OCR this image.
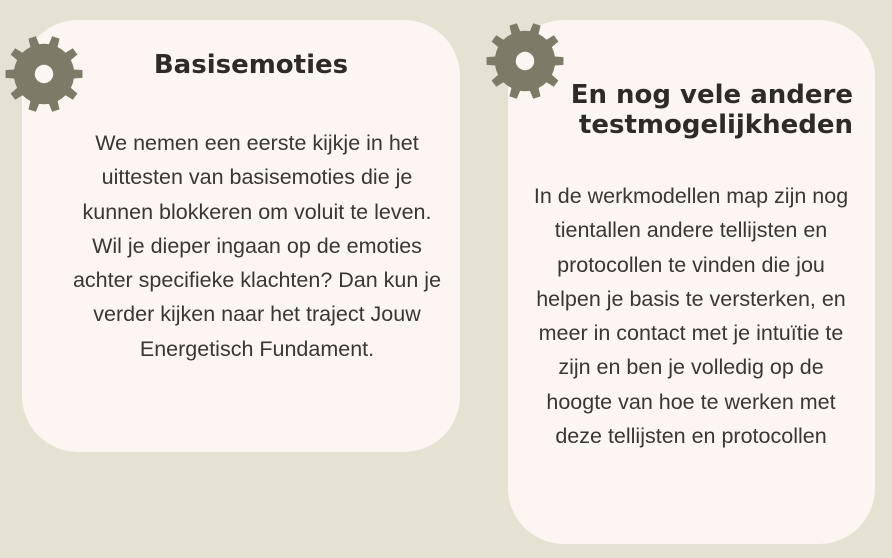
Basisemoties

We nemen een eerste kijkje in het uittesten van basisemoties die je kunnen blokkeren om voluit te leven. Wil je dieper ingaan op de emoties achter specifieke klachten? Dan kun je verder kijken naar het traject Jouw Energetisch Fundament.

En nog vele andere testmogelijkheden

In de werkmodellen map zijn nog tientallen andere tellijsten en protocollen te vinden die jou helpen je basis te versterken, en meer in contact met je intuïtie te zijn en ben je volledig op de hoogte van hoe te werken met deze tellijsten en protocollen
